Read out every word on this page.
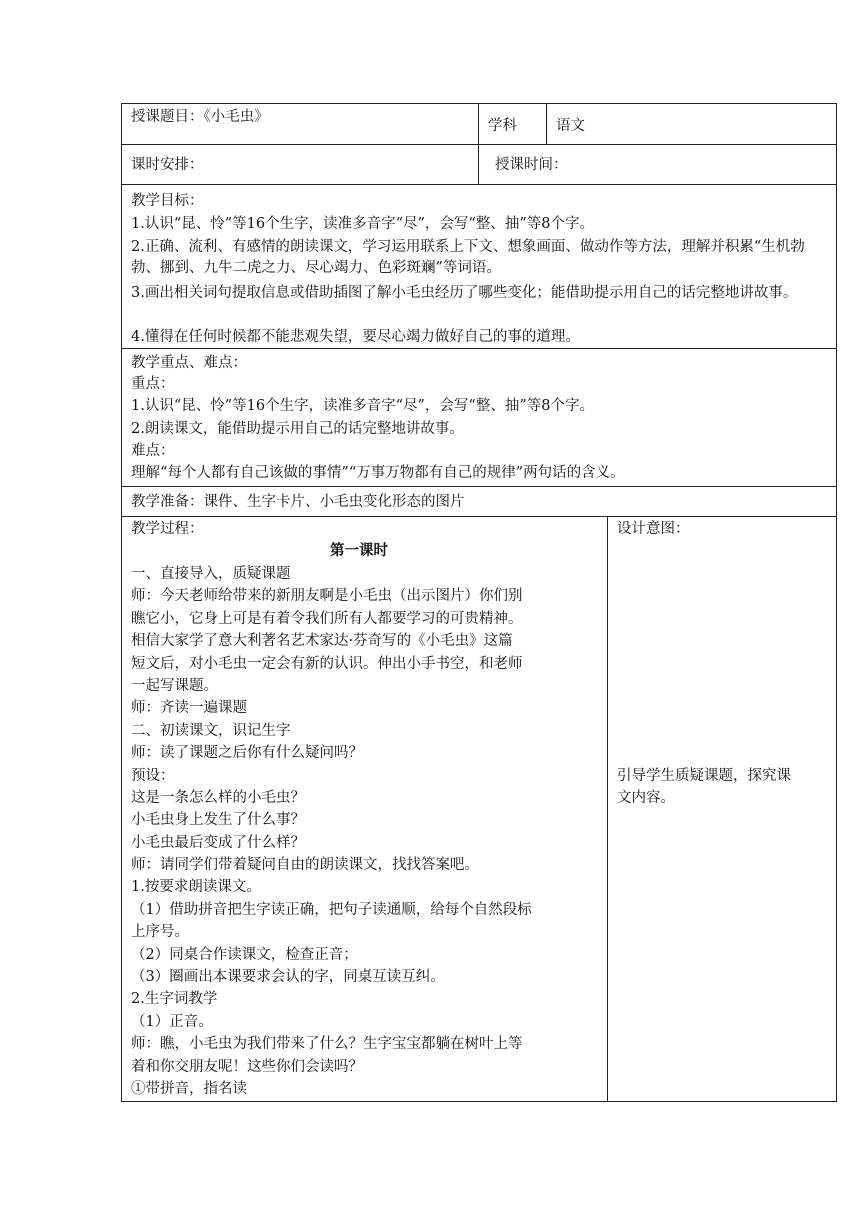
授课题目：《小毛虫》
学科	语文
课时安排：	授课时间：
教学目标：
1.认识“昆、怜”等16个生字，读准多音字“尽”，会写“整、抽”等8个字。
2.正确、流利、有感情的朗读课文，学习运用联系上下文、想象画面、做动作等方法，理解并积累“生机勃勃、挪到、九牛二虎之力、尽心竭力、色彩斑斓”等词语。
3.画出相关词句提取信息或借助插图了解小毛虫经历了哪些变化；能借助提示用自己的话完整地讲故事。
4.懂得在任何时候都不能悲观失望，要尽心竭力做好自己的事的道理。
教学重点、难点：
重点：
1.认识“昆、怜”等16个生字，读准多音字“尽”，会写“整、抽”等8个字。
2.朗读课文，能借助提示用自己的话完整地讲故事。
难点：
理解“每个人都有自己该做的事情”“万事万物都有自己的规律”两句话的含义。
教学准备：课件、生字卡片、小毛虫变化形态的图片
教学过程：
第一课时
一、直接导入，质疑课题
师：今天老师给带来的新朋友啊是小毛虫（出示图片）你们别
瞧它小，它身上可是有着令我们所有人都要学习的可贵精神。
相信大家学了意大利著名艺术家达·芬奇写的《小毛虫》这篇
短文后，对小毛虫一定会有新的认识。伸出小手书空，和老师
一起写课题。
师：齐读一遍课题
二、初读课文，识记生字
师：读了课题之后你有什么疑问吗？
预设：
这是一条怎么样的小毛虫？
小毛虫身上发生了什么事？
小毛虫最后变成了什么样？
师：请同学们带着疑问自由的朗读课文，找找答案吧。
1.按要求朗读课文。
（1）借助拼音把生字读正确，把句子读通顺，给每个自然段标
上序号。
（2）同桌合作读课文，检查正音；
（3）圈画出本课要求会认的字，同桌互读互纠。
2.生字词教学
（1）正音。
师：瞧，小毛虫为我们带来了什么？生字宝宝都躺在树叶上等
着和你交朋友呢！这些你们会读吗？
①带拼音，指名读
设计意图：
引导学生质疑课题，探究课
文内容。
